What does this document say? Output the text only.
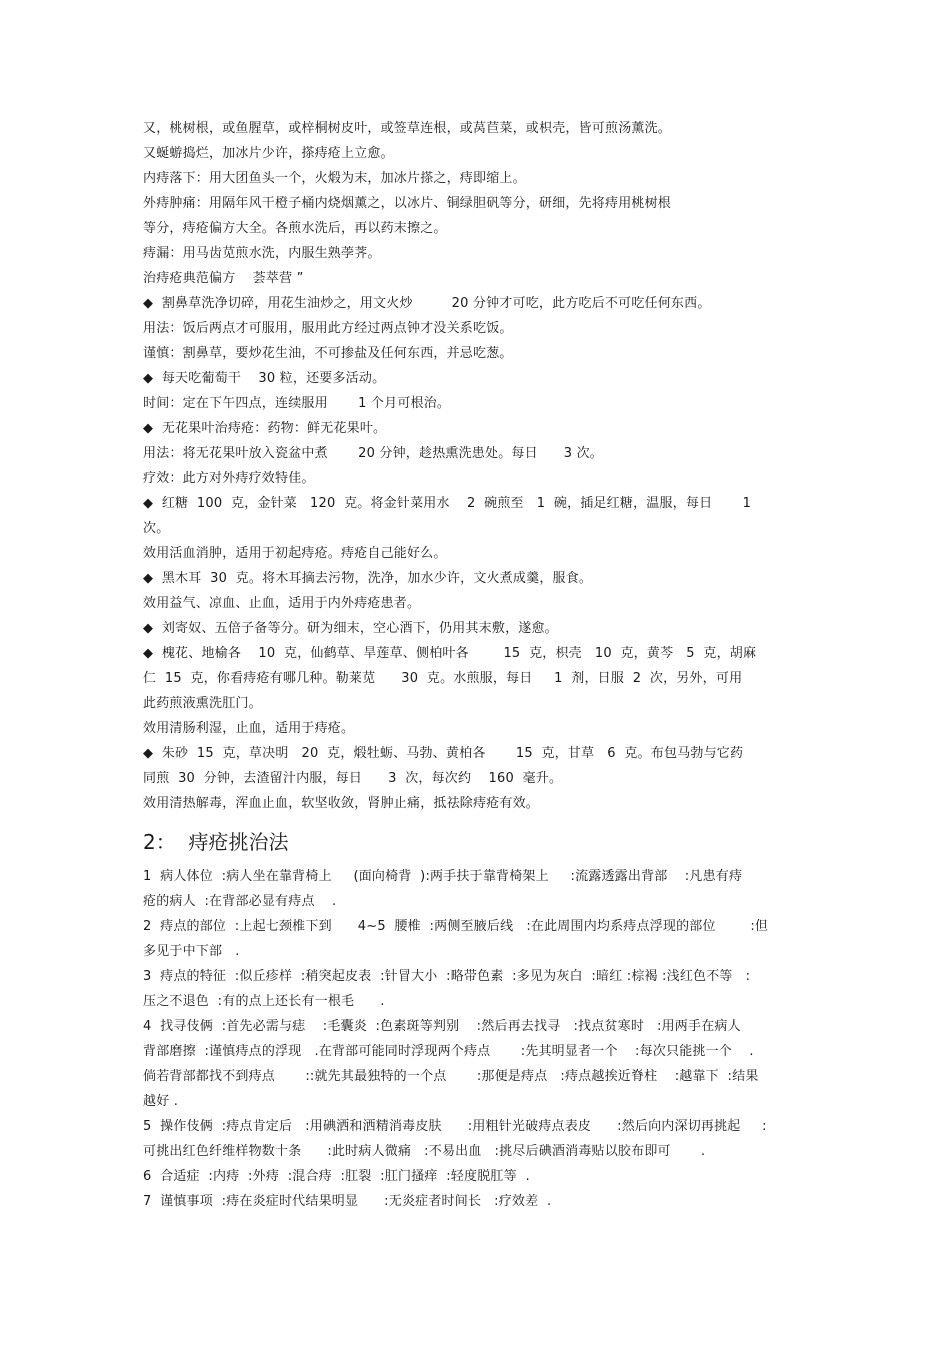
又，桃树根，或鱼腥草，或梓桐树皮叶，或签草连根，或莴苣菜，或枳壳，皆可煎汤薰洗。
又蜒蝣捣烂，加冰片少许，搽痔疮上立愈。
内痔落下：用大团鱼头一个，火煅为末，加冰片搽之，痔即缩上。
外痔肿痛：用隔年风干橙子桶内烧烟薰之，以冰片、铜绿胆矾等分，研细，先将痔用桃树根
等分，痔疮偏方大全。各煎水洗后，再以药末擦之。
痔漏：用马齿苋煎水洗，内服生熟荸荠。
治痔疮典范偏方    荟萃营 ”
◆  割鼻草洗净切碎，用花生油炒之，用文火炒         20 分钟才可吃，此方吃后不可吃任何东西。
用法：饭后两点才可服用，服用此方经过两点钟才没关系吃饭。
谨慎：割鼻草，要炒花生油，不可掺盐及任何东西，并忌吃葱。
◆  每天吃葡萄干    30 粒，还要多活动。
时间：定在下午四点，连续服用       1 个月可根治。
◆  无花果叶治痔疮：药物：鲜无花果叶。
用法：将无花果叶放入瓷盆中煮       20 分钟，趁热熏洗患处。每日      3 次。
疗效：此方对外痔疗效特佳。
◆  红糖  100  克，金针菜   120  克。将金针菜用水    2  碗煎至   1  碗，插足红糖，温服，每日       1
次。
效用活血消肿，适用于初起痔疮。痔疮自己能好么。
◆  黑木耳  30  克。将木耳摘去污物，洗净，加水少许，文火煮成羹，服食。
效用益气、凉血、止血，适用于内外痔疮患者。
◆  刘寄奴、五倍子备等分。研为细末，空心酒下，仍用其末敷，遂愈。
◆  槐花、地榆各    10  克，仙鹤草、旱莲草、侧柏叶各        15  克，枳壳   10  克，黄芩   5  克，胡麻
仁  15  克，你看痔疮有哪几种。勒莱苋      30  克。水煎服，每日     1  剂，日服  2  次，另外，可用
此药煎液熏洗肛门。
效用清肠利湿，止血，适用于痔疮。
◆  朱砂  15  克，草决明   20  克，煅牡蛎、马勃、黄柏各       15  克，甘草   6  克。布包马勃与它药
同煎  30  分钟，去渣留汁内服，每日      3  次，每次约    160  毫升。
效用清热解毒，浑血止血，软坚收敛，肾肿止痛，抵祛除痔疮有效。
2：  痔疮挑治法
1  病人体位  :病人坐在靠背椅上     (面向椅背  ):两手扶于靠背椅架上     :流露透露出背部    :凡患有痔
疮的病人  :在背部必显有痔点    .
2  痔点的部位  :上起七颈椎下到      4~5  腰椎  :两侧至腋后线   :在此周围内均系痔点浮现的部位        :但
多见于中下部   .
3  痔点的特征  :似丘疹样  :稍突起皮表  :针冒大小  :略带色素  :多见为灰白  :暗红 :棕褐 :浅红色不等   :
压之不退色  :有的点上还长有一根毛      .
4  找寻伎俩  :首先必需与痣    :毛囊炎  :色素斑等判别    :然后再去找寻   :找点贫寒时   :用两手在病人
背部磨擦  :谨慎痔点的浮现   .在背部可能同时浮现两个痔点       :先其明显者一个    :每次只能挑一个    .
倘若背部都找不到痔点       ::就先其最独特的一个点       :那便是痔点   :痔点越挨近脊柱    :越靠下  :结果
越好 .
5  操作伎俩  :痔点肯定后   :用碘洒和洒精消毒皮肤      :用粗针光破痔点表皮      :然后向内深切再挑起     :
可挑出红色纤维样物数十条      :此时病人微痛   :不易出血   :挑尽后碘酒消毒贴以胶布即可       .
6  合适症  :内痔  :外痔  :混合痔  :肛裂  :肛门搔痒  :轻度脱肛等  .
7  谨慎事项  :痔在炎症时代结果明显      :无炎症者时间长   :疗效差  .
